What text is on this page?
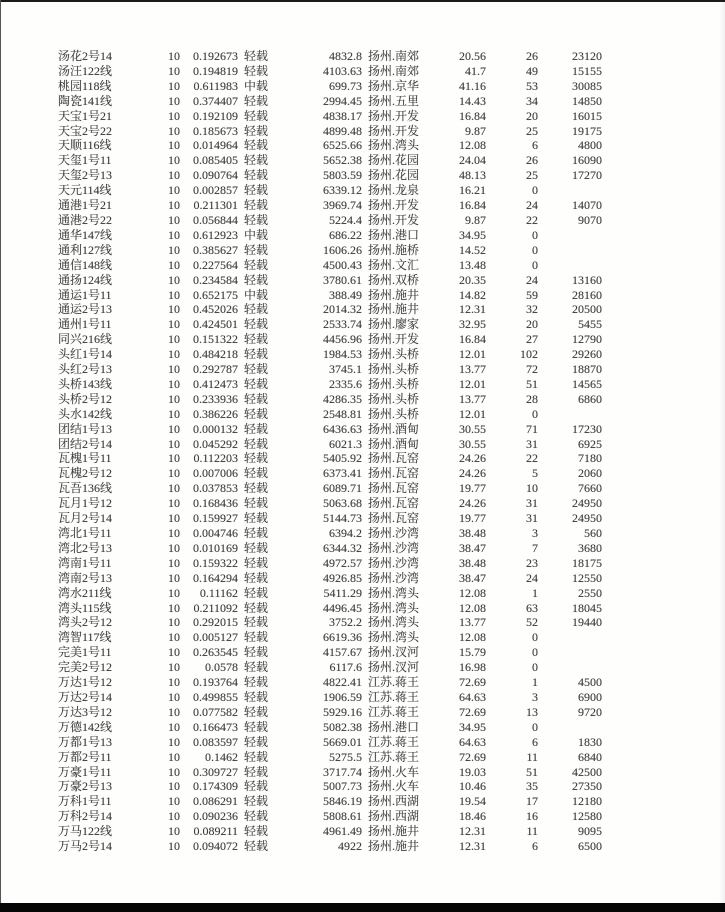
汤花2号14	10	0.192673 轻载	4832.8 扬州.南郊	20.56	26	23120
汤汪122线	10	0.194819 轻载	4103.63 扬州.南郊	41.7	49	15155
桃园118线	10	0.611983 中载	699.73 扬州.京华	41.16	53	30085
陶瓷141线	10	0.374407 轻载	2994.45 扬州.五里	14.43	34	14850
天宝1号21	10	0.192109 轻载	4838.17 扬州.开发	16.84	20	16015
天宝2号22	10	0.185673 轻载	4899.48 扬州.开发	9.87	25	19175
天顺116线	10	0.014964 轻载	6525.66 扬州.湾头	12.08	6	4800
天玺1号11	10	0.085405 轻载	5652.38 扬州.花园	24.04	26	16090
天玺2号13	10	0.090764 轻载	5803.59 扬州.花园	48.13	25	17270
天元114线	10	0.002857 轻载	6339.12 扬州.龙泉	16.21	0
通港1号21	10	0.211301 轻载	3969.74 扬州.开发	16.84	24	14070
通港2号22	10	0.056844 轻载	5224.4 扬州.开发	9.87	22	9070
通华147线	10	0.612923 中载	686.22 扬州.港口	34.95	0
通利127线	10	0.385627 轻载	1606.26 扬州.施桥	14.52	0
通信148线	10	0.227564 轻载	4500.43 扬州.文汇	13.48	0
通扬124线	10	0.234584 轻载	3780.61 扬州.双桥	20.35	24	13160
通运1号11	10	0.652175 中载	388.49 扬州.施井	14.82	59	28160
通运2号13	10	0.452026 轻载	2014.32 扬州.施井	12.31	32	20500
通州1号11	10	0.424501 轻载	2533.74 扬州.廖家	32.95	20	5455
同兴216线	10	0.151322 轻载	4456.96 扬州.开发	16.84	27	12790
头红1号14	10	0.484218 轻载	1984.53 扬州.头桥	12.01	102	29260
头红2号13	10	0.292787 轻载	3745.1 扬州.头桥	13.77	72	18870
头桥143线	10	0.412473 轻载	2335.6 扬州.头桥	12.01	51	14565
头桥2号12	10	0.233936 轻载	4286.35 扬州.头桥	13.77	28	6860
头水142线	10	0.386226 轻载	2548.81 扬州.头桥	12.01	0
团结1号13	10	0.000132 轻载	6436.63 扬州.酒甸	30.55	71	17230
团结2号14	10	0.045292 轻载	6021.3 扬州.酒甸	30.55	31	6925
瓦槐1号11	10	0.112203 轻载	5405.92 扬州.瓦窑	24.26	22	7180
瓦槐2号12	10	0.007006 轻载	6373.41 扬州.瓦窑	24.26	5	2060
瓦吾136线	10	0.037853 轻载	6089.71 扬州.瓦窑	19.77	10	7660
瓦月1号12	10	0.168436 轻载	5063.68 扬州.瓦窑	24.26	31	24950
瓦月2号14	10	0.159927 轻载	5144.73 扬州.瓦窑	19.77	31	24950
湾北1号11	10	0.004746 轻载	6394.2 扬州.沙湾	38.48	3	560
湾北2号13	10	0.010169 轻载	6344.32 扬州.沙湾	38.47	7	3680
湾南1号11	10	0.159322 轻载	4972.57 扬州.沙湾	38.48	23	18175
湾南2号13	10	0.164294 轻载	4926.85 扬州.沙湾	38.47	24	12550
湾水211线	10	0.11162 轻载	5411.29 扬州.湾头	12.08	1	2550
湾头115线	10	0.211092 轻载	4496.45 扬州.湾头	12.08	63	18045
湾头2号12	10	0.292015 轻载	3752.2 扬州.湾头	13.77	52	19440
湾智117线	10	0.005127 轻载	6619.36 扬州.湾头	12.08	0
完美1号11	10	0.263545 轻载	4157.67 扬州.汊河	15.79	0
完美2号12	10	0.0578 轻载	6117.6 扬州.汊河	16.98	0
万达1号12	10	0.193764 轻载	4822.41 江苏.蒋王	72.69	1	4500
万达2号14	10	0.499855 轻载	1906.59 江苏.蒋王	64.63	3	6900
万达3号12	10	0.077582 轻载	5929.16 江苏.蒋王	72.69	13	9720
万德142线	10	0.166473 轻载	5082.38 扬州.港口	34.95	0
万都1号13	10	0.083597 轻载	5669.01 江苏.蒋王	64.63	6	1830
万都2号11	10	0.1462 轻载	5275.5 江苏.蒋王	72.69	11	6840
万豪1号11	10	0.309727 轻载	3717.74 扬州.火车	19.03	51	42500
万豪2号13	10	0.174309 轻载	5007.73 扬州.火车	10.46	35	27350
万科1号11	10	0.086291 轻载	5846.19 扬州.西湖	19.54	17	12180
万科2号14	10	0.090236 轻载	5808.61 扬州.西湖	18.46	16	12580
万马122线	10	0.089211 轻载	4961.49 扬州.施井	12.31	11	9095
万马2号14	10	0.094072 轻载	4922 扬州.施井	12.31	6	6500
